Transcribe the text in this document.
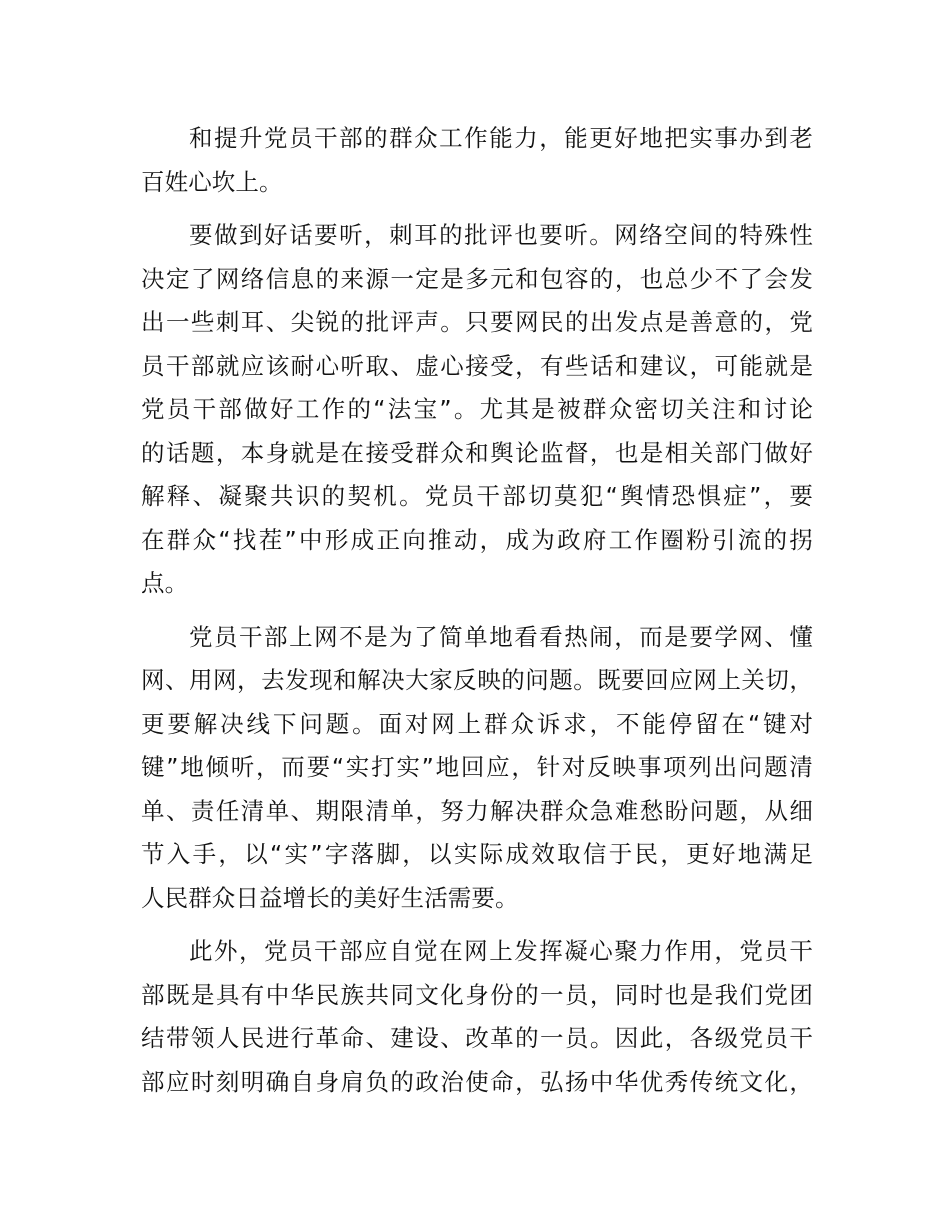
和提升党员干部的群众工作能力，能更好地把实事办到老
百姓心坎上。

要做到好话要听，刺耳的批评也要听。网络空间的特殊性
决定了网络信息的来源一定是多元和包容的，也总少不了会发
出一些刺耳、尖锐的批评声。只要网民的出发点是善意的，党
员干部就应该耐心听取、虚心接受，有些话和建议，可能就是
党员干部做好工作的“法宝”。尤其是被群众密切关注和讨论
的话题，本身就是在接受群众和舆论监督，也是相关部门做好
解释、凝聚共识的契机。党员干部切莫犯“舆情恐惧症”，要
在群众“找茬”中形成正向推动，成为政府工作圈粉引流的拐
点。

党员干部上网不是为了简单地看看热闹，而是要学网、懂
网、用网，去发现和解决大家反映的问题。既要回应网上关切，
更要解决线下问题。面对网上群众诉求，不能停留在“键对
键”地倾听，而要“实打实”地回应，针对反映事项列出问题清
单、责任清单、期限清单，努力解决群众急难愁盼问题，从细
节入手，以“实”字落脚，以实际成效取信于民，更好地满足
人民群众日益增长的美好生活需要。

此外，党员干部应自觉在网上发挥凝心聚力作用，党员干
部既是具有中华民族共同文化身份的一员，同时也是我们党团
结带领人民进行革命、建设、改革的一员。因此，各级党员干
部应时刻明确自身肩负的政治使命，弘扬中华优秀传统文化，
